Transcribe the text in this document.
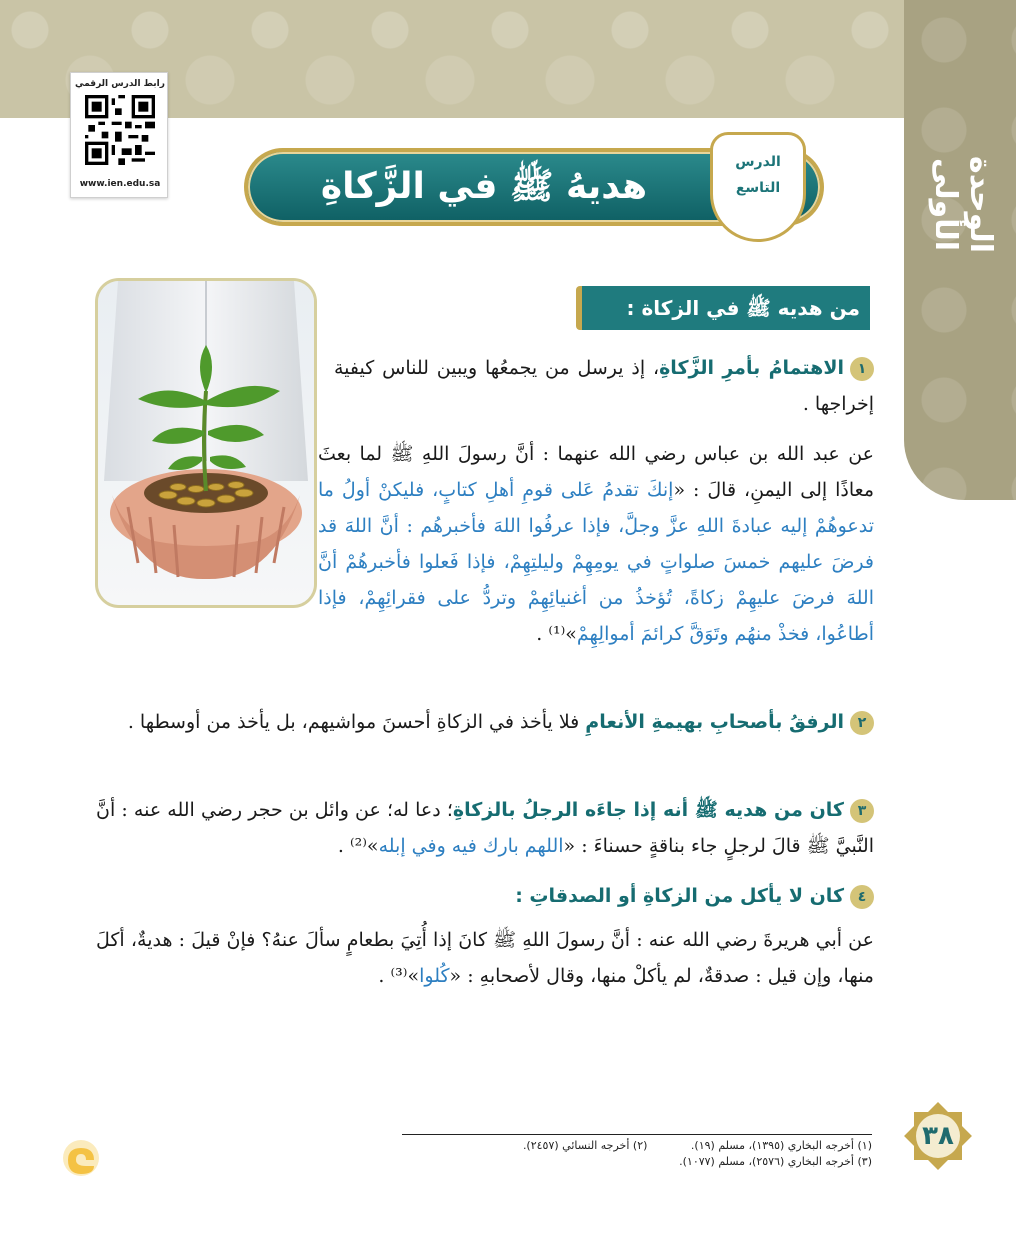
الوحدة الأولى
رابط الدرس الرقمي
www.ien.edu.sa	هديهُ ﷺ في الزَّكاةِ
الدرس
التاسع
من هديه ﷺ في الزكاة :
١الاهتمامُ بأمرِ الزَّكاةِ، إذ يرسل من يجمعُها ويبين للناس كيفية إخراجها .
عن عبد الله بن عباس رضي الله عنهما : أنَّ رسولَ اللهِ ﷺ لما بعثَ معاذًا إلى اليمنِ، قالَ : «إنكَ تقدمُ عَلى قومِ أهلِ كتابٍ، فليكنْ أولُ ما تدعوهُمْ إليه عبادةَ اللهِ عزَّ وجلَّ، فإذا عرفُوا اللهَ فأخبرهُم : أنَّ اللهَ قد فرضَ عليهم خمسَ صلواتٍ في يومِهِمْ وليلتِهِمْ، فإذا فَعلوا فأخبرهُمْ أنَّ اللهَ فرضَ عليهِمْ زكاةً، تُؤخذُ من أغنيائِهِمْ وتردُّ على فقرائِهِمْ، فإذا أطاعُوا، فخذْ منهُم وتَوَقَّ كرائمَ أموالِهِمْ»⁽¹⁾ .
٢الرفقُ بأصحابِ بهيمةِ الأنعامِ فلا يأخذ في الزكاةِ أحسنَ مواشيهم، بل يأخذ من أوسطها .
٣كان من هديه ﷺ أنه إذا جاءَه الرجلُ بالزكاةِ؛ دعا له؛ عن وائل بن حجر رضي الله عنه : أنَّ النَّبيَّ ﷺ قالَ لرجلٍ جاء بناقةٍ حسناءَ : «اللهم بارك فيه وفي إبله»⁽²⁾ .
٤كان لا يأكل من الزكاةِ أو الصدقاتِ :
عن أبي هريرةَ رضي الله عنه : أنَّ رسولَ اللهِ ﷺ كانَ إذا أُتِيَ بطعامٍ سألَ عنهُ؟ فإنْ قيلَ : هديةٌ، أكلَ منها، وإن قيل : صدقةٌ، لم يأكلْ منها، وقال لأصحابهِ : «كُلوا»⁽³⁾ .
(١) أخرجه البخاري (١٣٩٥)، مسلم (١٩). (٢) أخرجه النسائي (٢٤٥٧).
(٣) أخرجه البخاري (٢٥٧٦)، مسلم (١٠٧٧).
٣٨
